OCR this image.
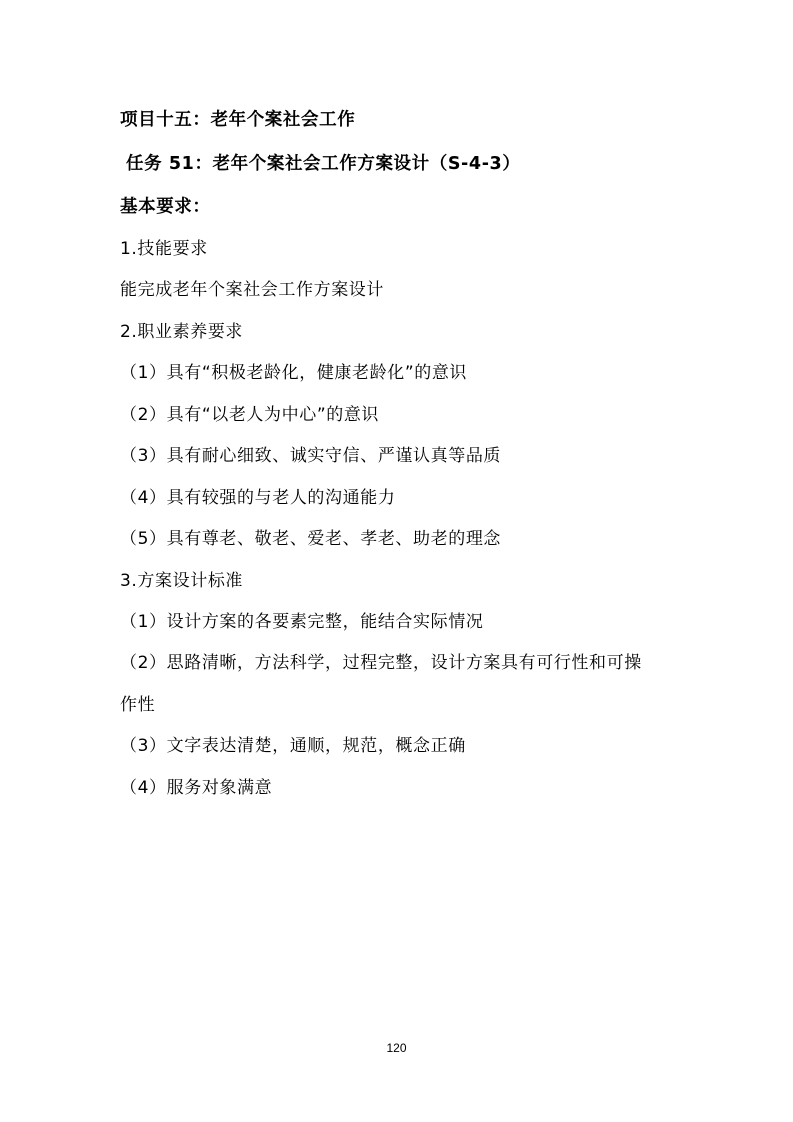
项目十五：老年个案社会工作
任务 51：老年个案社会工作方案设计（S-4-3）
基本要求：
1.技能要求
能完成老年个案社会工作方案设计
2.职业素养要求
（1）具有“积极老龄化，健康老龄化”的意识
（2）具有“以老人为中心”的意识
（3）具有耐心细致、诚实守信、严谨认真等品质
（4）具有较强的与老人的沟通能力
（5）具有尊老、敬老、爱老、孝老、助老的理念
3.方案设计标准
（1）设计方案的各要素完整，能结合实际情况
（2）思路清晰，方法科学，过程完整，设计方案具有可行性和可操
作性
（3）文字表达清楚，通顺，规范，概念正确
（4）服务对象满意
120
